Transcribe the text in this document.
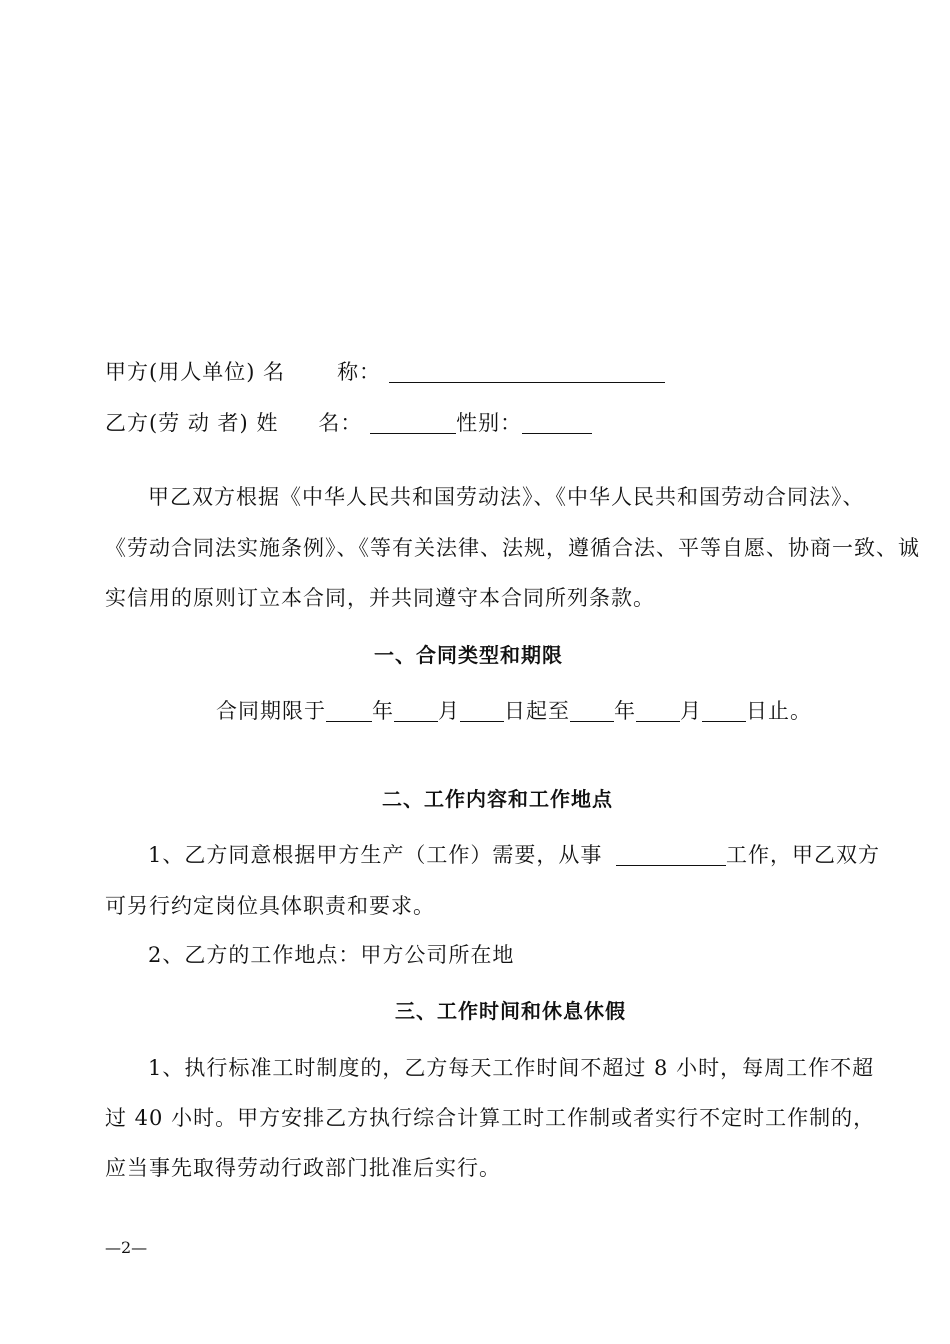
甲方(用人单位) 名 称：
乙方(劳 动 者) 姓 名：	性别：
甲乙双方根据《中华人民共和国劳动法》、《中华人民共和国劳动合同法》、
《劳动合同法实施条例》、《等有关法律、法规，遵循合法、平等自愿、协商一致、诚
实信用的原则订立本合同，并共同遵守本合同所列条款。
一、合同类型和期限
合同期限于 年 月 日起至 年 月 日止。
二、工作内容和工作地点
1、乙方同意根据甲方生产（工作）需要，从事	工作，甲乙双方
可另行约定岗位具体职责和要求。
2、乙方的工作地点：甲方公司所在地
三、工作时间和休息休假
1、执行标准工时制度的，乙方每天工作时间不超过 8 小时，每周工作不超
过 40 小时。甲方安排乙方执行综合计算工时工作制或者实行不定时工作制的，
应当事先取得劳动行政部门批准后实行。
—2—
